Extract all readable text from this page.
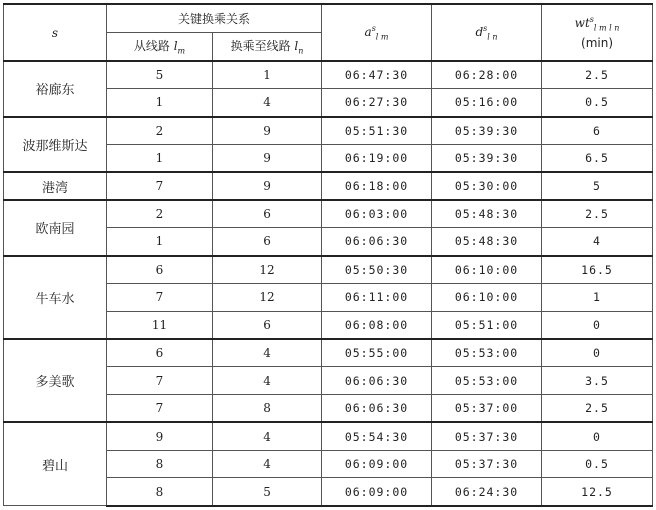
s	关键换乘关系		$a^s_{l m}$	$d^s_{l n}$	$wt^s_{l m l n}$
(min)

	从线路 $l_m$	换乘至线路 $l_n$
裕廊东	5	1	06:47:30	06:28:00	2.5
	1	4	06:27:30	05:16:00	0.5
波那维斯达	2	9	05:51:30	05:39:30	6
	1	9	06:19:00	05:39:30	6.5
港湾	7	9	06:18:00	05:30:00	5
欧南园	2	6	06:03:00	05:48:30	2.5
	1	6	06:06:30	05:48:30	4
牛车水	6	12	05:50:30	06:10:00	16.5
	7	12	06:11:00	06:10:00	1
	11	6	06:08:00	05:51:00	0
多美歌	6	4	05:55:00	05:53:00	0
	7	4	06:06:30	05:53:00	3.5
	7	8	06:06:30	05:37:00	2.5
碧山	9	4	05:54:30	05:37:30	0
	8	4	06:09:00	05:37:30	0.5
	8	5	06:09:00	06:24:30	12.5
